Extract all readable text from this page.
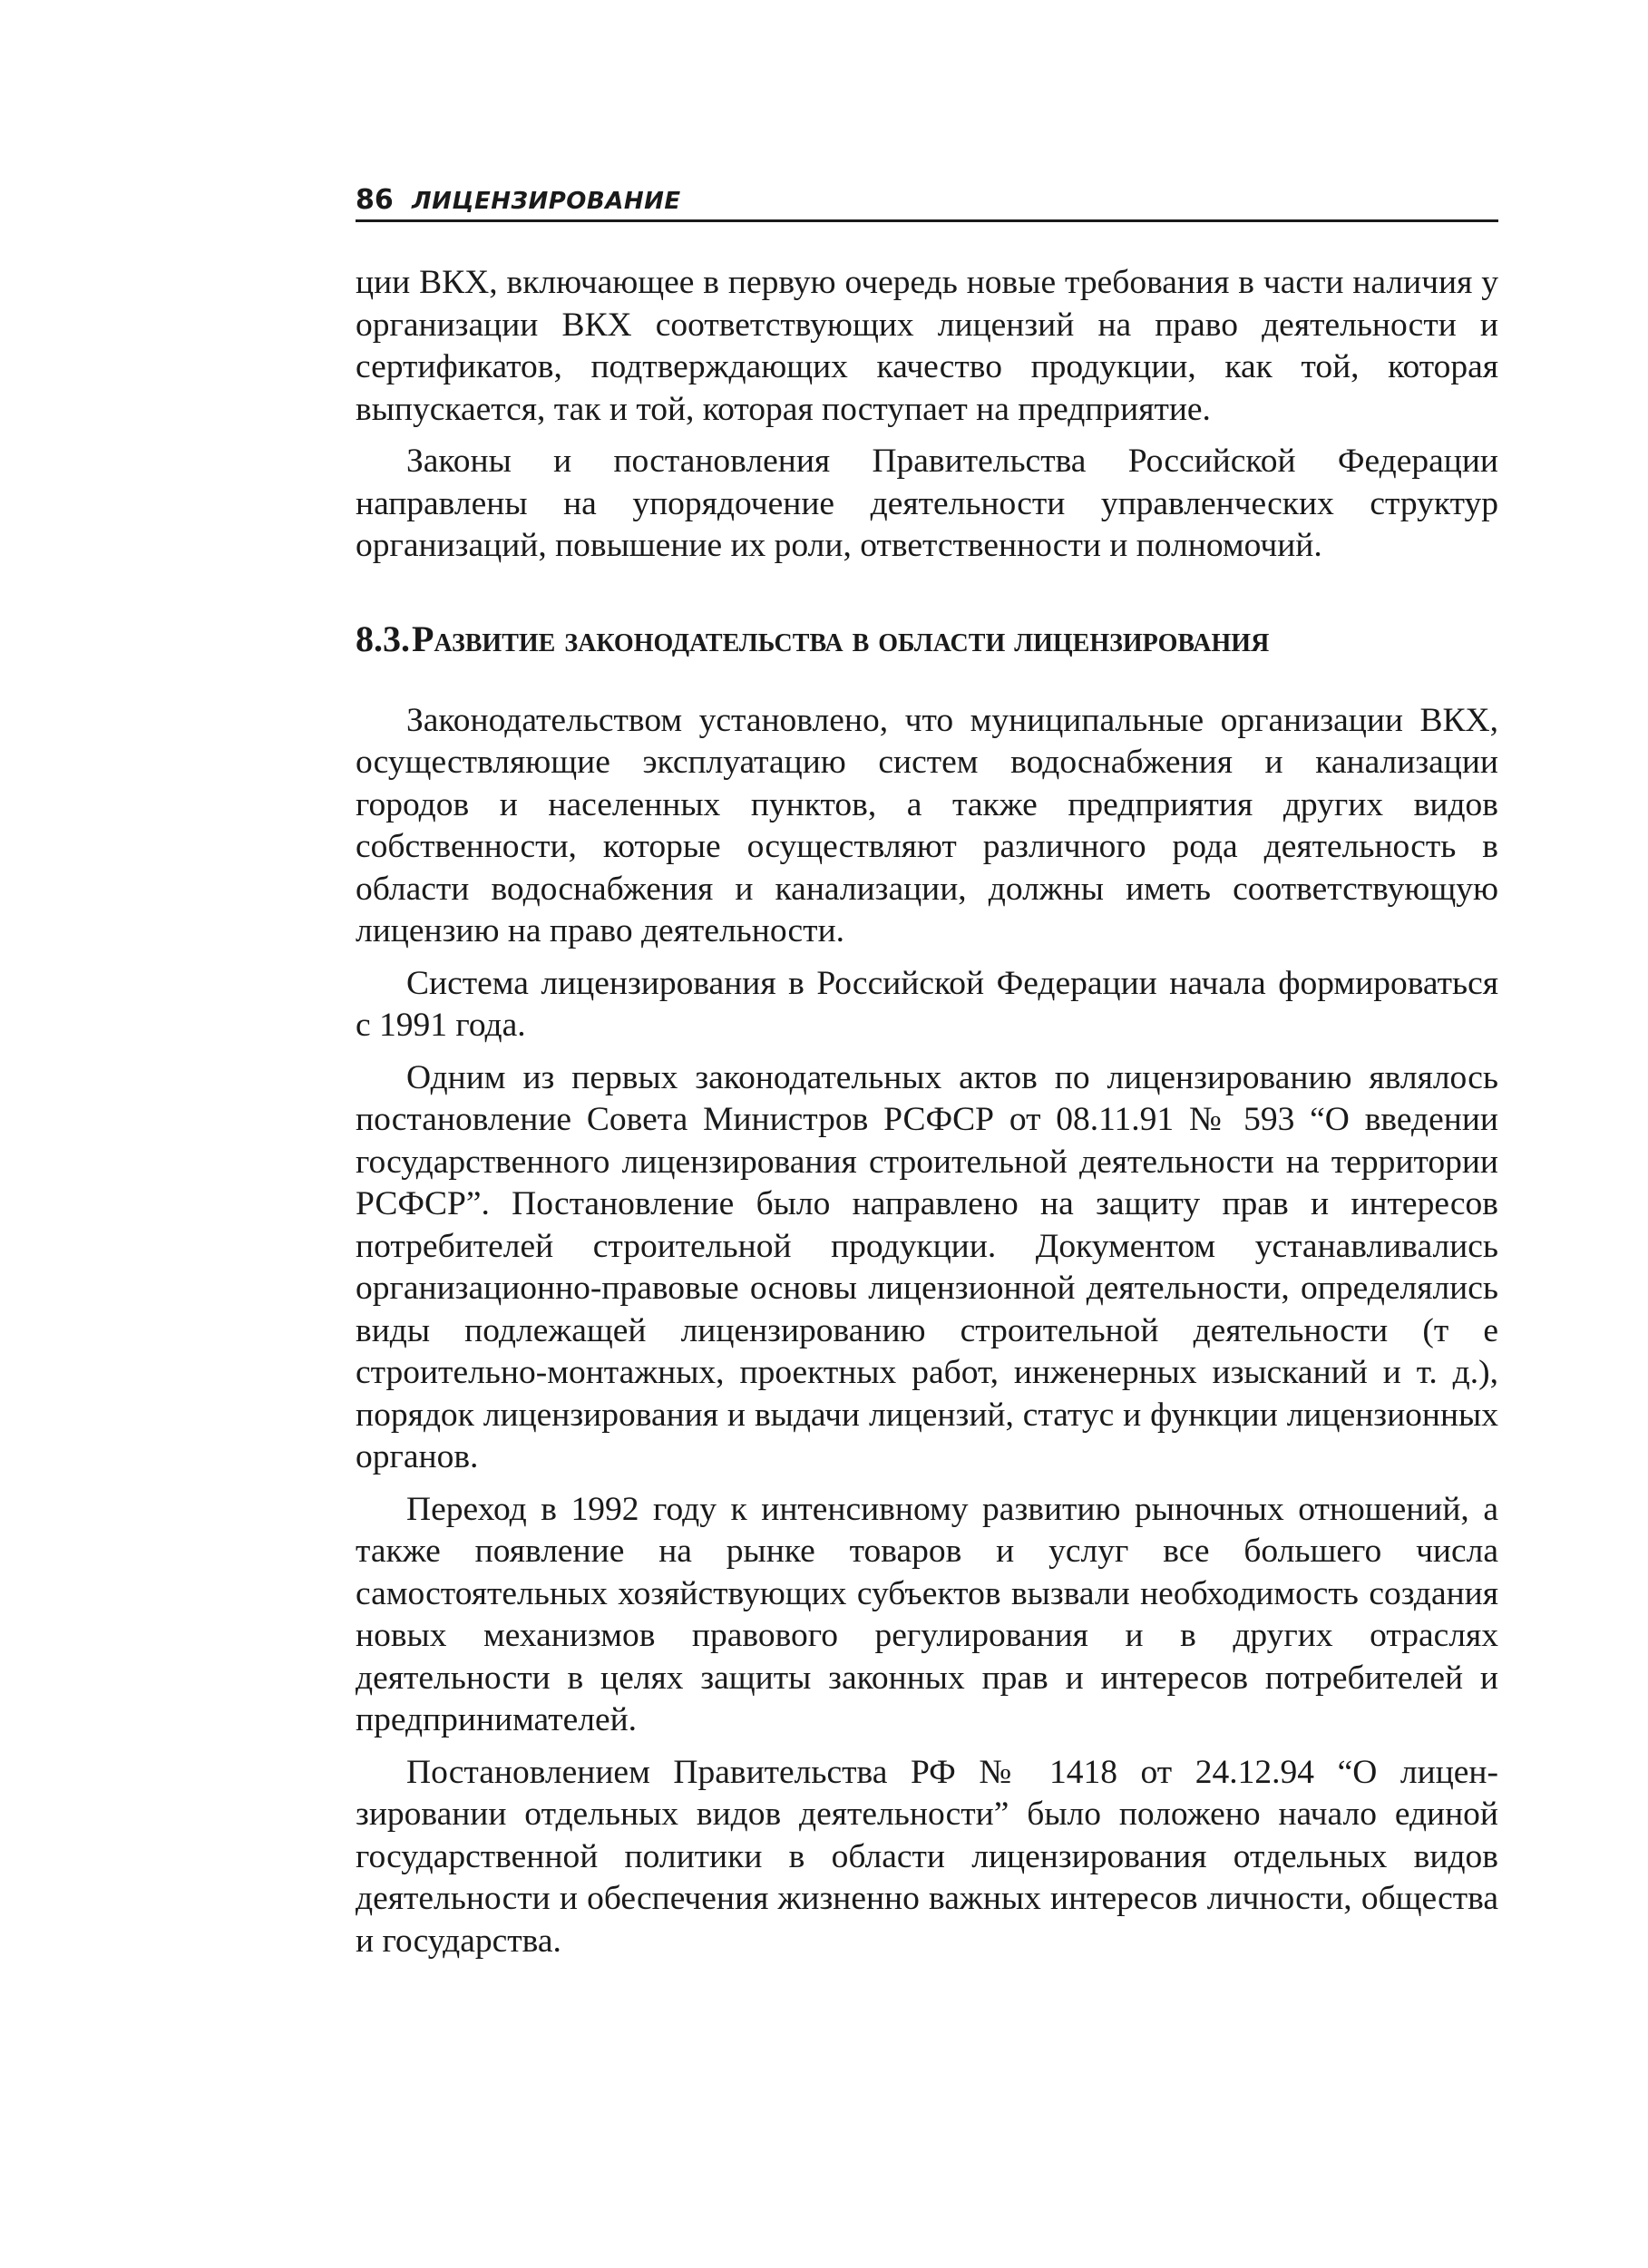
86 ЛИЦЕНЗИРОВАНИЕ

ции ВКХ, включающее в первую очередь новые требования в части наличия у организации ВКХ соответствующих лицензий на право деятельности и сертификатов, подтверждающих качество продукции, как той, которая выпускается, так и той, которая поступает на предприятие.

Законы и постановления Правительства Российской Федерации направлены на упорядочение деятельности управленческих структур организаций, повышение их роли, ответственности и полномочий.

8.3. Развитие законодательства в области лицензирования

Законодательством установлено, что муниципальные организации ВКХ, осуществляющие эксплуатацию систем водоснабжения и канализации городов и населенных пунктов, а также предприятия других видов собственности, которые осуществляют различного рода деятельность в области водоснабжения и канализации, должны иметь соответствующую лицензию на право деятельности.

Система лицензирования в Российской Федерации начала формироваться с 1991 года.

Одним из первых законодательных актов по лицензированию являлось постановление Совета Министров РСФСР от 08.11.91 № 593 “О введении государственного лицензирования строительной деятельности на территории РСФСР”. Постановление было направлено на защиту прав и интересов потребителей строительной продукции. Документом устанавливались организационно-правовые основы лицензионной деятельности, определялись виды подлежащей лицензированию строительной деятельности (т е строительно-монтажных, проектных работ, инженерных изысканий и т. д.), порядок лицензирования и выдачи лицензий, статус и функции лицензионных органов.

Переход в 1992 году к интенсивному развитию рыночных отношений, а также появление на рынке товаров и услуг все большего числа самостоятельных хозяйствующих субъектов вызвали необходимость создания новых механизмов правового регулирования и в других отраслях деятельности в целях защиты законных прав и интересов потребителей и предпринимателей.

Постановлением Правительства РФ № 1418 от 24.12.94 “О лицензировании отдельных видов деятельности” было положено начало единой государственной политики в области лицензирования отдельных видов деятельности и обеспечения жизненно важных интересов личности, общества и государства.
